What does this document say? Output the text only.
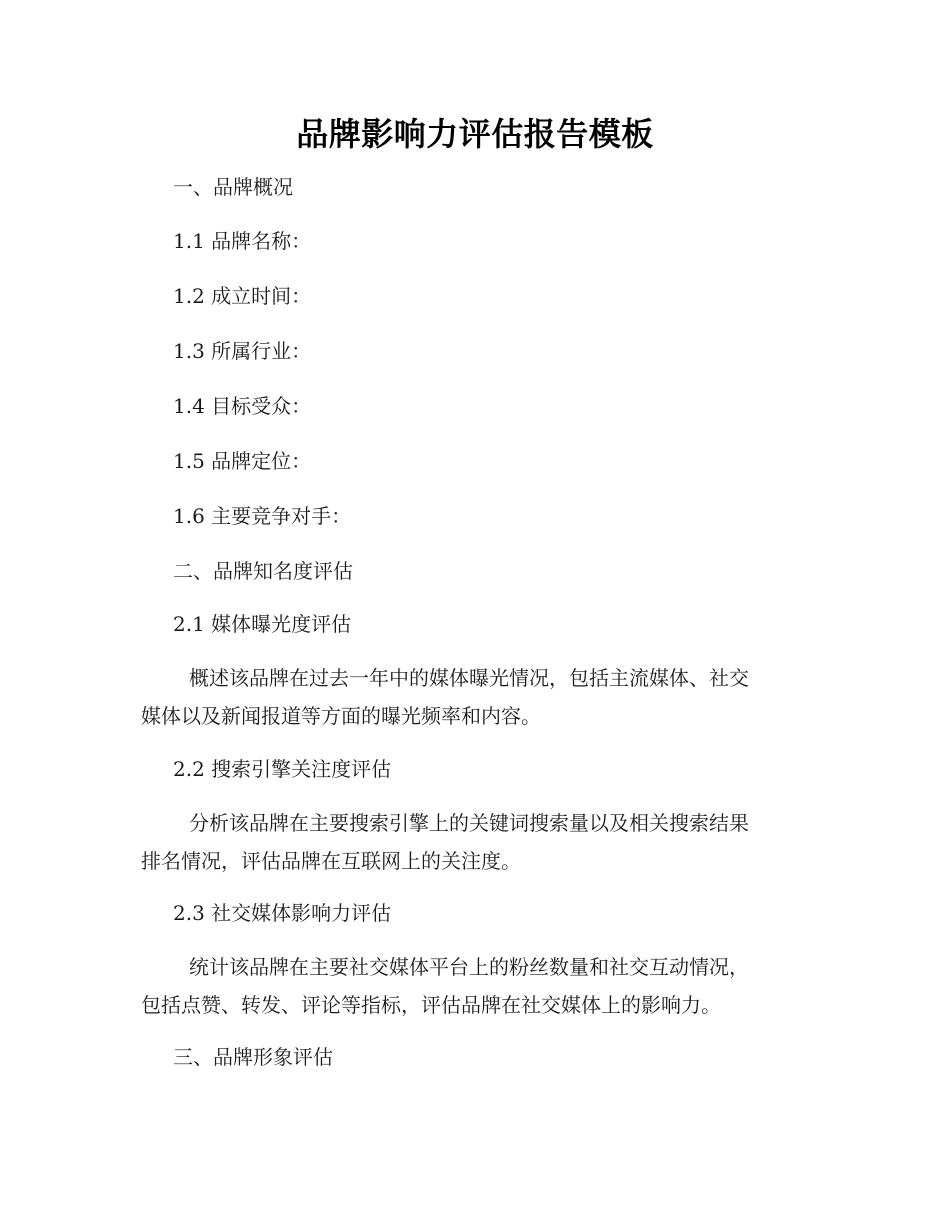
品牌影响力评估报告模板
一、品牌概况
1.1 品牌名称：
1.2 成立时间：
1.3 所属行业：
1.4 目标受众：
1.5 品牌定位：
1.6 主要竞争对手：
二、品牌知名度评估
2.1 媒体曝光度评估
概述该品牌在过去一年中的媒体曝光情况，包括主流媒体、社交
媒体以及新闻报道等方面的曝光频率和内容。
2.2 搜索引擎关注度评估
分析该品牌在主要搜索引擎上的关键词搜索量以及相关搜索结果
排名情况，评估品牌在互联网上的关注度。
2.3 社交媒体影响力评估
统计该品牌在主要社交媒体平台上的粉丝数量和社交互动情况，
包括点赞、转发、评论等指标，评估品牌在社交媒体上的影响力。
三、品牌形象评估
